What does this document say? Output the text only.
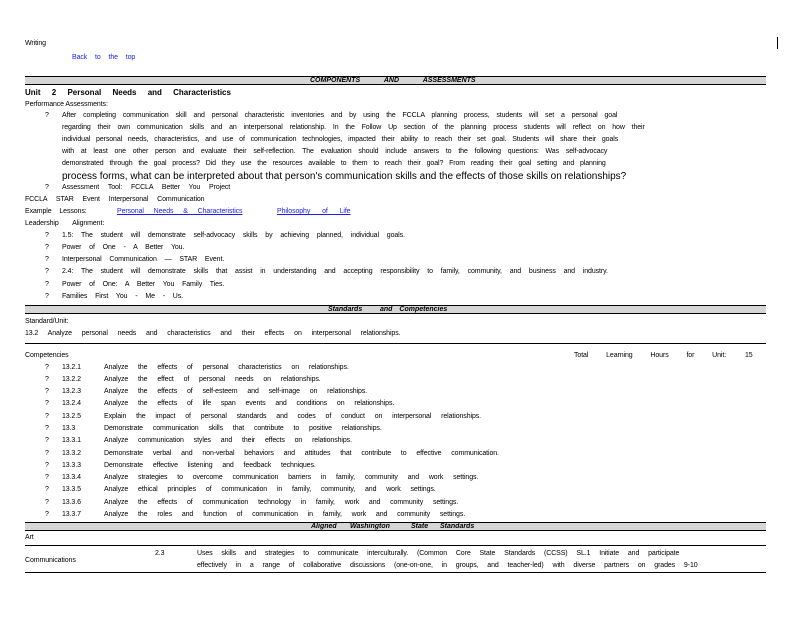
Writing
Back to the top
COMPONENTS AND ASSESSMENTS
Unit 2 Personal Needs and Characteristics
Performance Assessments:
? After completing communication skill and personal characteristic inventories and by using the FCCLA planning process, students will set a personal goal
regarding their own communication skills and an interpersonal relationship. In the Follow Up section of the planning process students will reflect on how their
individual personal needs, characteristics, and use of communication technologies, impacted their ability to reach their set goal. Students will share their goals
with at least one other person and evaluate their self-reflection. The evaluation should include answers to the following questions: Was self-advocacy
demonstrated through the goal process? Did they use the resources available to them to reach their goal? From reading their goal setting and planning
process forms, what can be interpreted about that person's communication skills and the effects of those skills on relationships?
? Assessment Tool: FCCLA Better You Project
FCCLA STAR Event Interpersonal Communication
Example Lessons:	Personal Needs & Characteristics	Philosophy of Life
Leadership Alignment:
? 1.5: The student will demonstrate self-advocacy skills by achieving planned, individual goals.
? Power of One - A Better You.
? Interpersonal Communication — STAR Event.
? 2.4: The student will demonstrate skills that assist in understanding and accepting responsibility to family, community, and business and industry.
? Power of One: A Better You Family Ties.
? Families First You - Me - Us.
Standards	and Competencies
Standard/Unit:
13.2 Analyze personal needs and characteristics and their effects on interpersonal relationships.
Competencies	Total Learning Hours for Unit:	15
? 13.2.1	Analyze the effects of personal characteristics on relationships.
? 13.2.2	Analyze the effect of personal needs on relationships.
? 13.2.3	Analyze the effects of self-esteem and self-image on relationships.
? 13.2.4	Analyze the effects of life span events and conditions on relationships.
? 13.2.5	Explain the impact of personal standards and codes of conduct on interpersonal relationships.
? 13.3	Demonstrate communication skills that contribute to positive relationships.
? 13.3.1	Analyze communication styles and their effects on relationships.
? 13.3.2	Demonstrate verbal and non-verbal behaviors and attitudes that contribute to effective communication.
? 13.3.3	Demonstrate effective listening and feedback techniques.
? 13.3.4	Analyze strategies to overcome communication barriers in family, community and work settings.
? 13.3.5	Analyze ethical principles of communication in family, community, and work settings.
? 13.3.6	Analyze the effects of communication technology in family, work and community settings.
? 13.3.7	Analyze the roles and function of communication in family, work and community settings.
Aligned Washington	State Standards
Art
Communications
2.3	Uses skills and strategies to communicate interculturally. (Common Core State Standards (CCSS) SL.1 Initiate and participate
effectively in a range of collaborative discussions (one-on-one, in groups, and teacher-led) with diverse partners on grades 9-10
